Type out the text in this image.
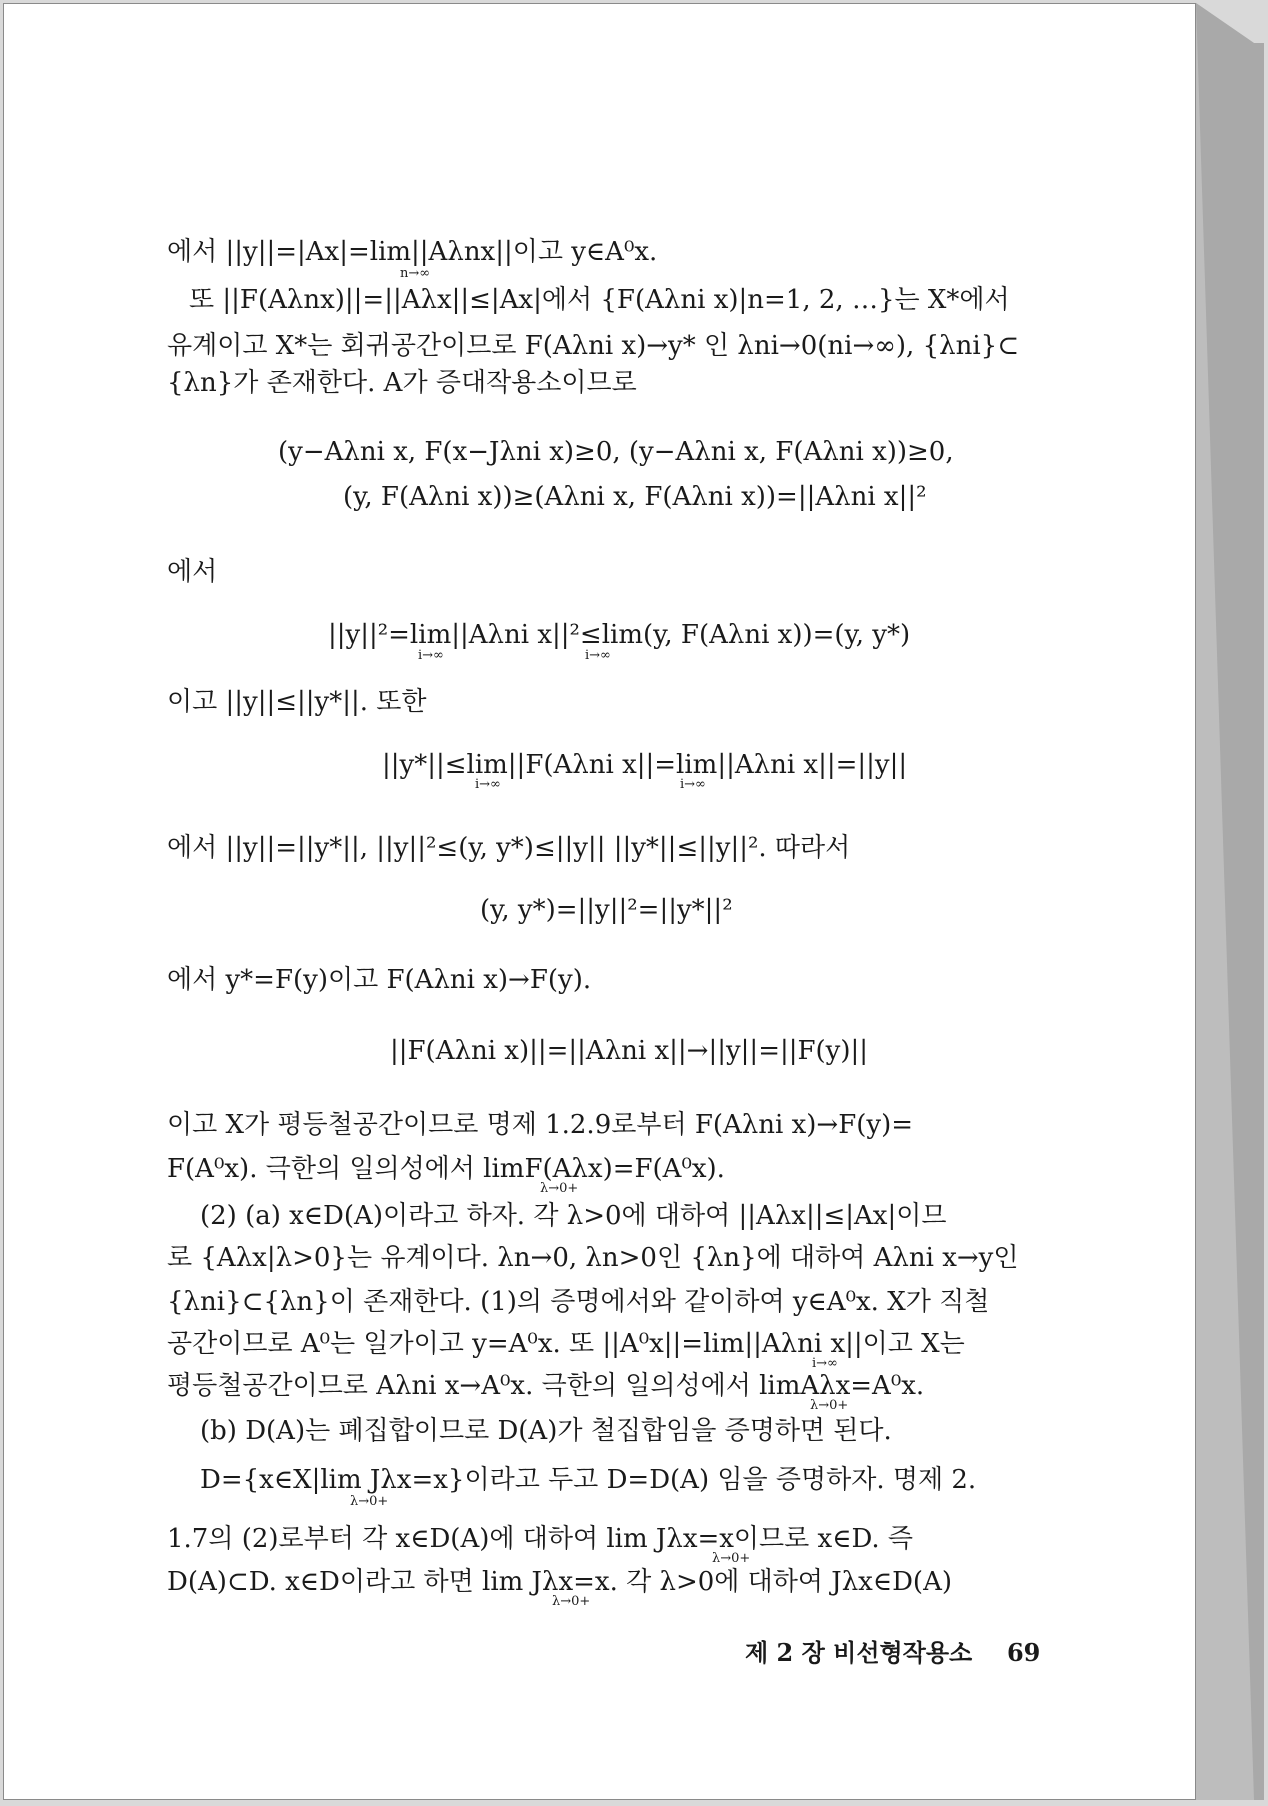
에서 ||y||=|Ax|=lim||Aλnx||이고 y∈A⁰x.
n→∞
또 ||F(Aλnx)||=||Aλx||≤|Ax|에서 {F(Aλni x)|n=1, 2, …}는 X*에서
유계이고 X*는 회귀공간이므로 F(Aλni x)→y* 인 λni→0(ni→∞), {λni}⊂
{λn}가 존재한다. A가 증대작용소이므로
(y−Aλni x, F(x−Jλni x)≥0, (y−Aλni x, F(Aλni x))≥0,
(y, F(Aλni x))≥(Aλni x, F(Aλni x))=||Aλni x||²
에서
||y||²=lim||Aλni x||²≤lim(y, F(Aλni x))=(y, y*)
i→∞	i→∞
이고 ||y||≤||y*||. 또한
||y*||≤lim||F(Aλni x||=lim||Aλni x||=||y||
i→∞	i→∞
에서 ||y||=||y*||, ||y||²≤(y, y*)≤||y|| ||y*||≤||y||². 따라서
(y, y*)=||y||²=||y*||²
에서 y*=F(y)이고 F(Aλni x)→F(y).
||F(Aλni x)||=||Aλni x||→||y||=||F(y)||
이고 X가 평등철공간이므로 명제 1.2.9로부터 F(Aλni x)→F(y)=
F(A⁰x). 극한의 일의성에서 limF(Aλx)=F(A⁰x).
λ→0+
(2) (a) x∈D(A)이라고 하자. 각 λ>0에 대하여 ||Aλx||≤|Ax|이므
로 {Aλx|λ>0}는 유계이다. λn→0, λn>0인 {λn}에 대하여 Aλni x→y인
{λni}⊂{λn}이 존재한다. (1)의 증명에서와 같이하여 y∈A⁰x. X가 직철
공간이므로 A⁰는 일가이고 y=A⁰x. 또 ||A⁰x||=lim||Aλni x||이고 X는
i→∞
평등철공간이므로 Aλni x→A⁰x. 극한의 일의성에서 limAλx=A⁰x.
λ→0+
(b) D(A)는 폐집합이므로 D(A)가 철집합임을 증명하면 된다.
D={x∈X|lim Jλx=x}이라고 두고 D=D(A) 임을 증명하자. 명제 2.
λ→0+
1.7의 (2)로부터 각 x∈D(A)에 대하여 lim Jλx=x이므로 x∈D. 즉
λ→0+
D(A)⊂D. x∈D이라고 하면 lim Jλx=x. 각 λ>0에 대하여 Jλx∈D(A)
λ→0+
제 2 장 비선형작용소 69
